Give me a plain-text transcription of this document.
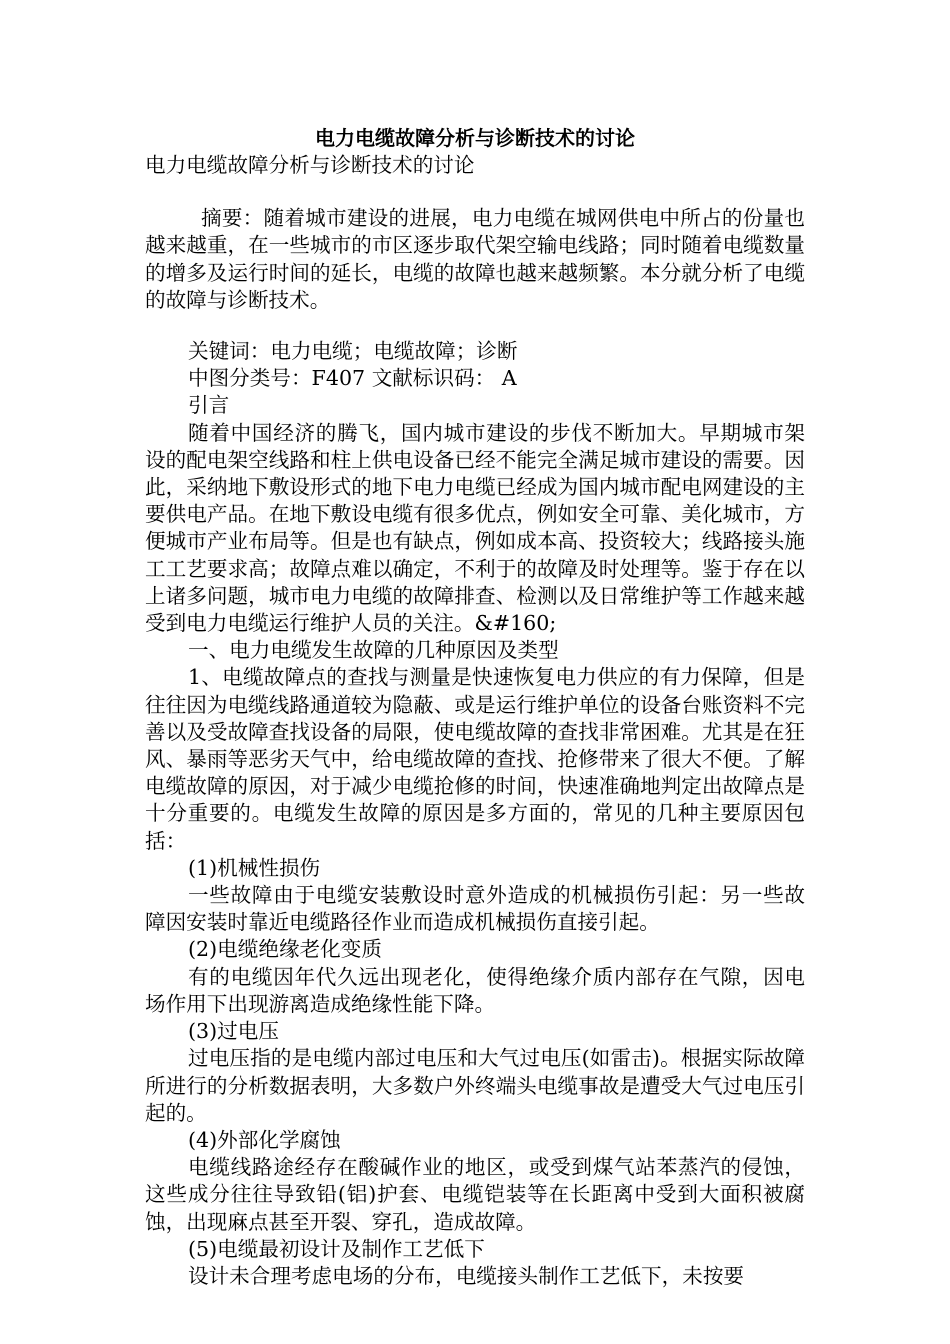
电力电缆故障分析与诊断技术的讨论

电力电缆故障分析与诊断技术的讨论

摘要：随着城市建设的进展，电力电缆在城网供电中所占的份量也越来越重，在一些城市的市区逐步取代架空输电线路；同时随着电缆数量的增多及运行时间的延长，电缆的故障也越来越频繁。本分就分析了电缆的故障与诊断技术。

关键词：电力电缆；电缆故障；诊断

中图分类号：F407 文献标识码： A

引言

随着中国经济的腾飞，国内城市建设的步伐不断加大。早期城市架设的配电架空线路和柱上供电设备已经不能完全满足城市建设的需要。因此，采纳地下敷设形式的地下电力电缆已经成为国内城市配电网建设的主要供电产品。在地下敷设电缆有很多优点，例如安全可靠、美化城市，方便城市产业布局等。但是也有缺点，例如成本高、投资较大；线路接头施工工艺要求高；故障点难以确定，不利于的故障及时处理等。鉴于存在以上诸多问题，城市电力电缆的故障排查、检测以及日常维护等工作越来越受到电力电缆运行维护人员的关注。&#160;

一、电力电缆发生故障的几种原因及类型

1、电缆故障点的查找与测量是快速恢复电力供应的有力保障，但是往往因为电缆线路通道较为隐蔽、或是运行维护单位的设备台账资料不完善以及受故障查找设备的局限，使电缆故障的查找非常困难。尤其是在狂风、暴雨等恶劣天气中，给电缆故障的查找、抢修带来了很大不便。了解电缆故障的原因，对于减少电缆抢修的时间，快速准确地判定出故障点是十分重要的。电缆发生故障的原因是多方面的，常见的几种主要原因包括：

(1)机械性损伤

一些故障由于电缆安装敷设时意外造成的机械损伤引起：另一些故障因安装时靠近电缆路径作业而造成机械损伤直接引起。

(2)电缆绝缘老化变质

有的电缆因年代久远出现老化，使得绝缘介质内部存在气隙，因电场作用下出现游离造成绝缘性能下降。

(3)过电压

过电压指的是电缆内部过电压和大气过电压(如雷击)。根据实际故障所进行的分析数据表明，大多数户外终端头电缆事故是遭受大气过电压引起的。

(4)外部化学腐蚀

电缆线路途经存在酸碱作业的地区，或受到煤气站苯蒸汽的侵蚀，这些成分往往导致铅(铝)护套、电缆铠装等在长距离中受到大面积被腐蚀，出现麻点甚至开裂、穿孔，造成故障。

(5)电缆最初设计及制作工艺低下

设计未合理考虑电场的分布，电缆接头制作工艺低下，未按要
